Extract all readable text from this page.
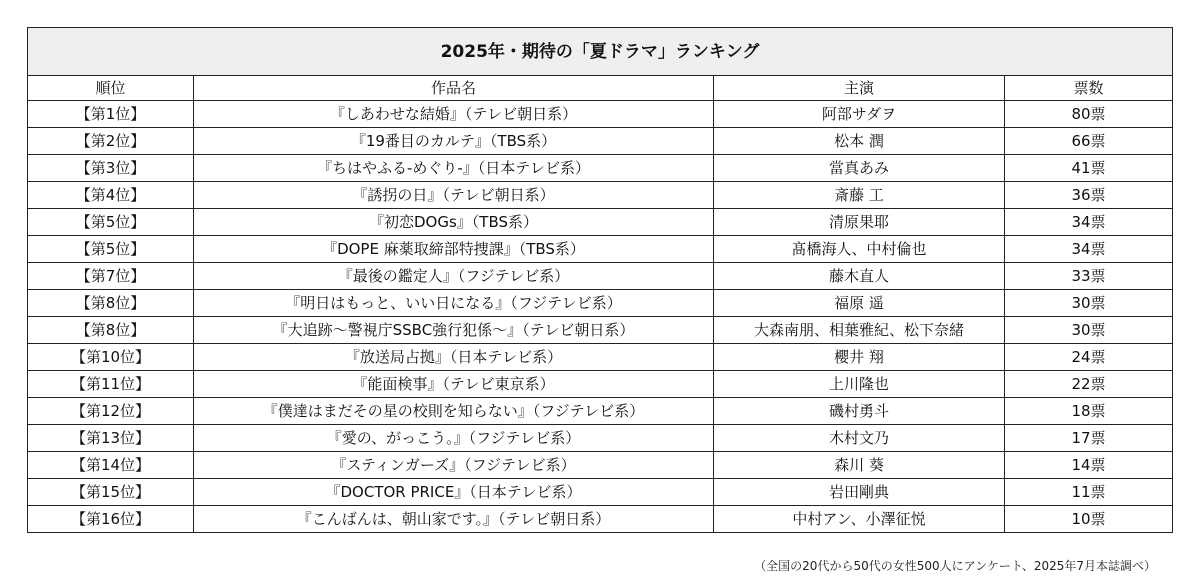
2025年・期待の「夏ドラマ」ランキング			
順位	作品名	主演	票数
【第1位】	『しあわせな結婚』（テレビ朝日系）	阿部サダヲ	80票
【第2位】	『19番目のカルテ』（TBS系）	松本 潤	66票
【第3位】	『ちはやふる-めぐり-』（日本テレビ系）	當真あみ	41票
【第4位】	『誘拐の日』（テレビ朝日系）	斎藤 工	36票
【第5位】	『初恋DOGs』（TBS系）	清原果耶	34票
【第5位】	『DOPE 麻薬取締部特捜課』（TBS系）	髙橋海人、中村倫也	34票
【第7位】	『最後の鑑定人』（フジテレビ系）	藤木直人	33票
【第8位】	『明日はもっと、いい日になる』（フジテレビ系）	福原 遥	30票
【第8位】	『大追跡～警視庁SSBC強行犯係～』（テレビ朝日系）	大森南朋、相葉雅紀、松下奈緒	30票
【第10位】	『放送局占拠』（日本テレビ系）	櫻井 翔	24票
【第11位】	『能面検事』（テレビ東京系）	上川隆也	22票
【第12位】	『僕達はまだその星の校則を知らない』（フジテレビ系）	磯村勇斗	18票
【第13位】	『愛の、がっこう。』（フジテレビ系）	木村文乃	17票
【第14位】	『スティンガーズ』（フジテレビ系）	森川 葵	14票
【第15位】	『DOCTOR PRICE』（日本テレビ系）	岩田剛典	11票
【第16位】	『こんばんは、朝山家です。』（テレビ朝日系）	中村アン、小澤征悦	10票
（全国の20代から50代の女性500人にアンケート、2025年7月本誌調べ）
